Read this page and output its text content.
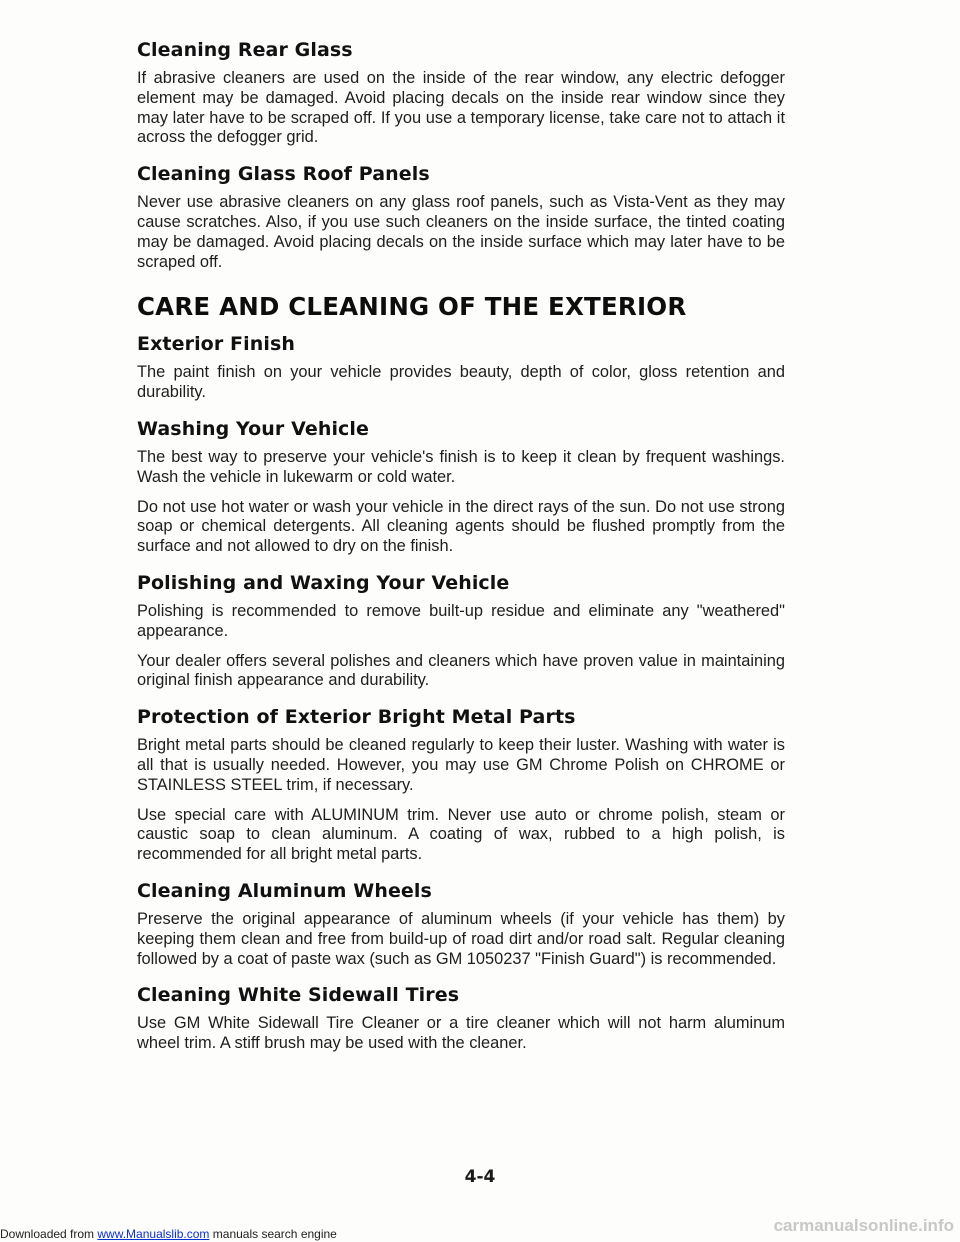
Cleaning Rear Glass

If abrasive cleaners are used on the inside of the rear window, any electric defogger element may be damaged. Avoid placing decals on the inside rear window since they may later have to be scraped off. If you use a temporary license, take care not to attach it across the defogger grid.

Cleaning Glass Roof Panels

Never use abrasive cleaners on any glass roof panels, such as Vista-Vent as they may cause scratches. Also, if you use such cleaners on the inside surface, the tinted coating may be damaged. Avoid placing decals on the inside surface which may later have to be scraped off.

CARE AND CLEANING OF THE EXTERIOR
Exterior Finish

The paint finish on your vehicle provides beauty, depth of color, gloss retention and durability.

Washing Your Vehicle

The best way to preserve your vehicle's finish is to keep it clean by frequent washings. Wash the vehicle in lukewarm or cold water.

Do not use hot water or wash your vehicle in the direct rays of the sun. Do not use strong soap or chemical detergents. All cleaning agents should be flushed promptly from the surface and not allowed to dry on the finish.

Polishing and Waxing Your Vehicle

Polishing is recommended to remove built-up residue and eliminate any "weathered" appearance.

Your dealer offers several polishes and cleaners which have proven value in maintaining original finish appearance and durability.

Protection of Exterior Bright Metal Parts

Bright metal parts should be cleaned regularly to keep their luster. Washing with water is all that is usually needed. However, you may use GM Chrome Polish on CHROME or STAINLESS STEEL trim, if necessary.

Use special care with ALUMINUM trim. Never use auto or chrome polish, steam or caustic soap to clean aluminum. A coating of wax, rubbed to a high polish, is recommended for all bright metal parts.

Cleaning Aluminum Wheels

Preserve the original appearance of aluminum wheels (if your vehicle has them) by keeping them clean and free from build-up of road dirt and/or road salt. Regular cleaning followed by a coat of paste wax (such as GM 1050237 "Finish Guard") is recommended.

Cleaning White Sidewall Tires

Use GM White Sidewall Tire Cleaner or a tire cleaner which will not harm aluminum wheel trim. A stiff brush may be used with the cleaner.

4-4
Downloaded from www.Manualslib.com manuals search engine	carmanualsonline.info
